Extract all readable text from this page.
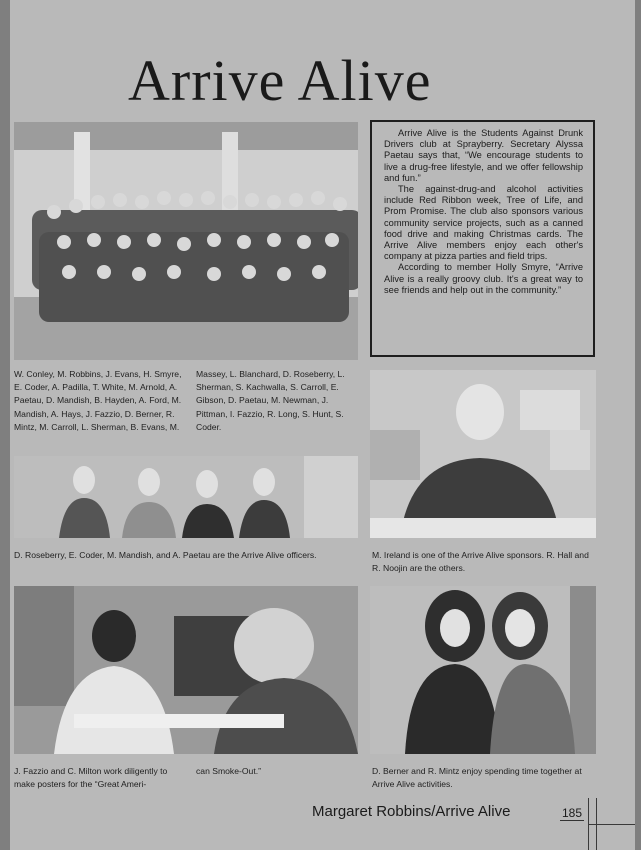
Arrive Alive

Arrive Alive is the Students Against Drunk Drivers club at Sprayberry. Secretary Alyssa Paetau says that, “We encourage students to live a drug-free lifestyle, and we offer fellowship and fun.”

The against-drug-and alcohol activities include Red Ribbon week, Tree of Life, and Prom Promise. The club also sponsors various community service projects, such as a canned food drive and making Christmas cards. The Arrive Alive members enjoy each other's company at pizza parties and field trips.

According to member Holly Smyre, “Arrive Alive is a really groovy club. It's a great way to see friends and help out in the community.”

W. Conley, M. Robbins, J. Evans, H. Smyre, E. Coder, A. Padilla, T. White, M. Arnold, A. Paetau, D. Mandish, B. Hayden, A. Ford, M. Mandish, A. Hays, J. Fazzio, D. Berner, R. Mintz, M. Carroll, L. Sherman, B. Evans, M.
Massey, L. Blanchard, D. Roseberry, L. Sherman, S. Kachwalla, S. Carroll, E. Gibson, D. Paetau, M. Newman, J. Pittman, I. Fazzio, R. Long, S. Hunt, S. Coder.
D. Roseberry, E. Coder, M. Mandish, and A. Paetau are the Arrive Alive officers.	M. Ireland is one of the Arrive Alive sponsors. R. Hall and R. Noojin are the others.
J. Fazzio and C. Milton work diligently to make posters for the “Great Ameri-
can Smoke-Out.”	D. Berner and R. Mintz enjoy spending time together at Arrive Alive activities.
Margaret Robbins/Arrive Alive	185
